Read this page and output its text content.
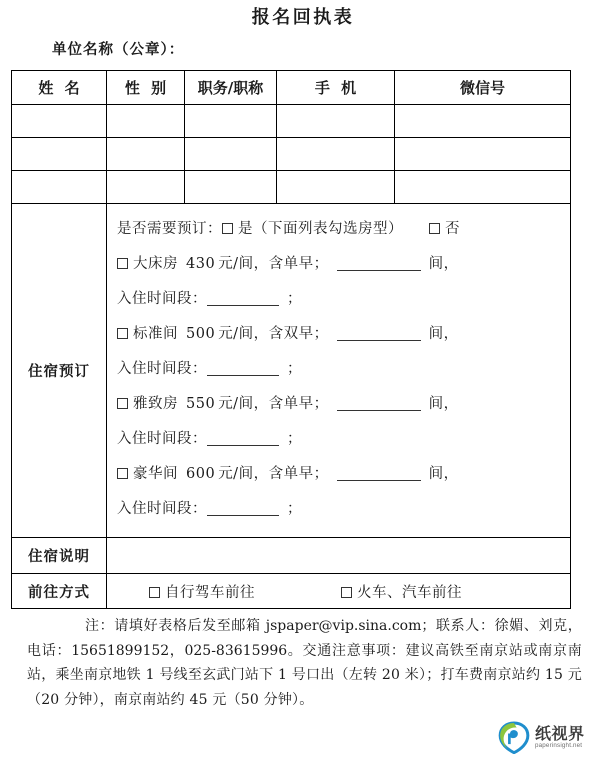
报名回执表
单位名称（公章）：
姓 名	性 别	职务/职称	手 机	微信号

住宿预订	
是否需要预订： 是（下面列表勾选房型）	否
大床房 430 元/间，含单早；	间，
入住时间段：	；
标准间 500 元/间，含双早；	间，
入住时间段：	；
雅致房 550 元/间，含单早；	间，
入住时间段：	；
豪华间 600 元/间，含单早；	间，
入住时间段：	；

住宿说明				
前往方式	自行驾车前往 火车、汽车前往			
注：请填好表格后发至邮箱 jspaper@vip.sina.com；联系人：徐媚、刘克，电话：15651899152，025-83615996。交通注意事项：建议高铁至南京站或南京南站，乘坐南京地铁 1 号线至玄武门站下 1 号口出（左转 20 米）；打车费南京站约 15 元（20 分钟），南京南站约 45 元（50 分钟）。
纸视界
paperinsight.net
